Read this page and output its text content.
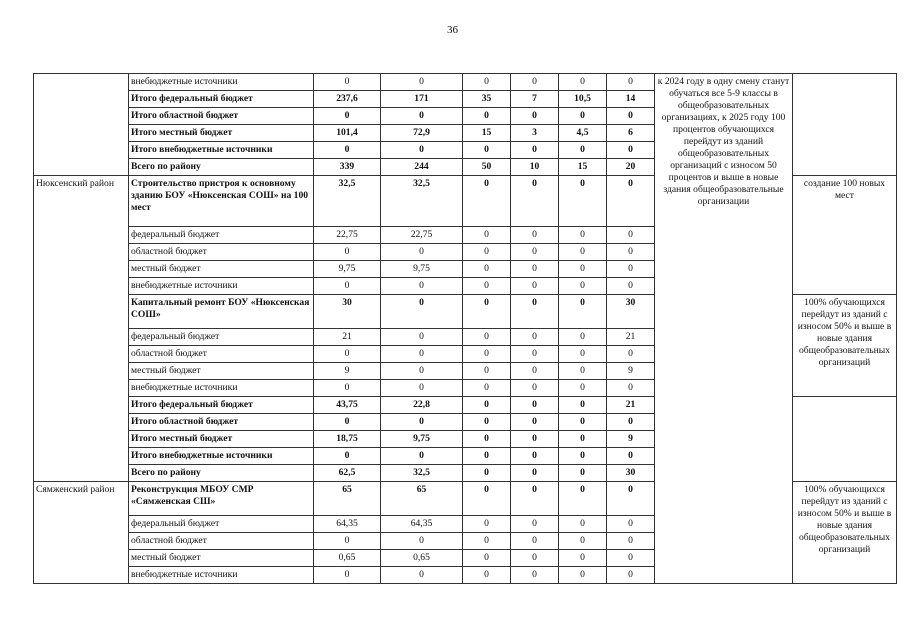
36
	внебюджетные источники	0	0	0	0	0	0	к 2024 году в одну смену станут обучаться все 5-9 классы в общеобразовательных организациях, к 2025 году 100 процентов обучающихся перейдут из зданий общеобразовательных организаций с износом 50 процентов и выше в новые здания общеобразовательные организации	
	Итого федеральный бюджет	237,6	171	35	7	10,5	14		
	Итого областной бюджет	0	0	0	0	0	0		
	Итого местный бюджет	101,4	72,9	15	3	4,5	6		
	Итого внебюджетные источники	0	0	0	0	0	0		
	Всего по району	339	244	50	10	15	20		
Нюксенский район	Строительство пристроя к основному зданию БОУ «Нюксенская СОШ» на 100 мест	32,5	32,5	0	0	0	0		создание 100 новых мест
	федеральный бюджет	22,75	22,75	0	0	0	0		
	областной бюджет	0	0	0	0	0	0		
	местный бюджет	9,75	9,75	0	0	0	0		
	внебюджетные источники	0	0	0	0	0	0		
	Капитальный ремонт БОУ «Нюксенская СОШ»	30	0	0	0	0	30		100% обучающихся перейдут из зданий с износом 50% и выше в новые здания общеобразовательных организаций
	федеральный бюджет	21	0	0	0	0	21		
	областной бюджет	0	0	0	0	0	0		
	местный бюджет	9	0	0	0	0	9		
	внебюджетные источники	0	0	0	0	0	0		
	Итого федеральный бюджет	43,75	22,8	0	0	0	21		
	Итого областной бюджет	0	0	0	0	0	0		
	Итого местный бюджет	18,75	9,75	0	0	0	9		
	Итого внебюджетные источники	0	0	0	0	0	0		
	Всего по району	62,5	32,5	0	0	0	30		
Сямженский район	Реконструкция МБОУ СМР «Сямженская СШ»	65	65	0	0	0	0		100% обучающихся перейдут из зданий с износом 50% и выше в новые здания общеобразовательных организаций
	федеральный бюджет	64,35	64,35	0	0	0	0		
	областной бюджет	0	0	0	0	0	0		
	местный бюджет	0,65	0,65	0	0	0	0		
	внебюджетные источники	0	0	0	0	0	0		
